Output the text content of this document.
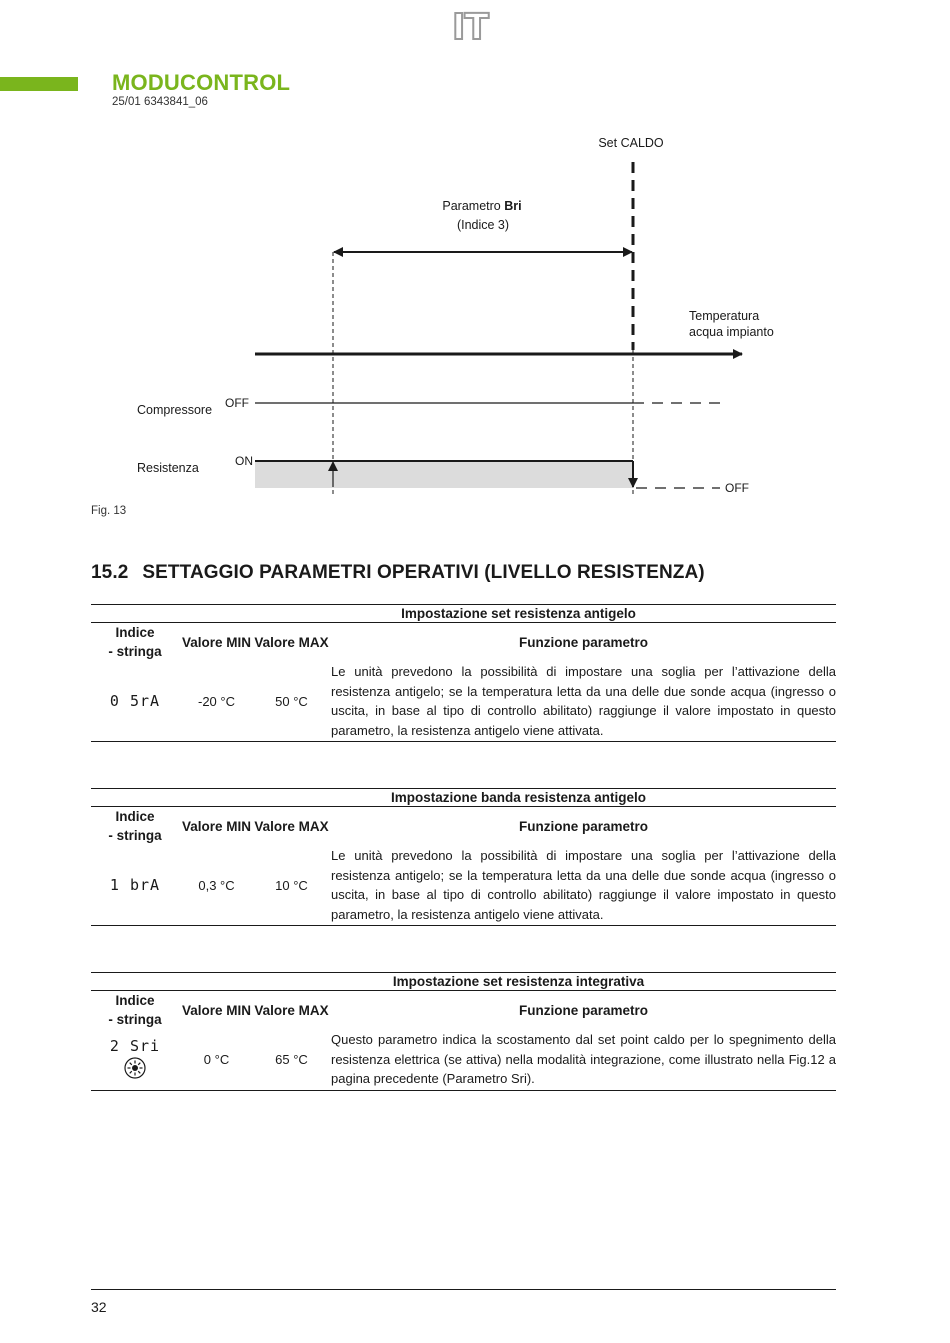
IT
MODUCONTROL
25/01 6343841_06
Set CALDO
Parametro Bri
(Indice 3)
Temperatura
acqua impianto
Compressore OFF
Resistenza	ON
OFF
Fig. 13
15.2 SETTAGGIO PARAMETRI OPERATIVI (LIVELLO RESISTENZA)
Impostazione set resistenza antigelo
Indice
- stringa
Valore MIN Valore MAX	Funzione parametro
0 5rA	-20 °C	50 °C
Le unità prevedono la possibilità di impostare una soglia per l’attivazione della resistenza antigelo; se la temperatura letta da una delle due sonde acqua (ingresso o uscita, in base al tipo di controllo abilitato) raggiunge il valore impostato in questo parametro, la resistenza antigelo viene attivata.
Impostazione banda resistenza antigelo
Indice
- stringa
Valore MIN Valore MAX	Funzione parametro
1 brA	0,3 °C	10 °C
Le unità prevedono la possibilità di impostare una soglia per l’attivazione della resistenza antigelo; se la temperatura letta da una delle due sonde acqua (ingresso o uscita, in base al tipo di controllo abilitato) raggiunge il valore impostato in questo parametro, la resistenza antigelo viene attivata.
Impostazione set resistenza integrativa
Indice
- stringa
Valore MIN Valore MAX	Funzione parametro
2 Sri
0 °C	65 °C
Questo parametro indica la scostamento dal set point caldo per lo spegnimento della resistenza elettrica (se attiva) nella modalità integrazione, come illustrato nella Fig.12 a pagina precedente (Parametro Sri).
32
